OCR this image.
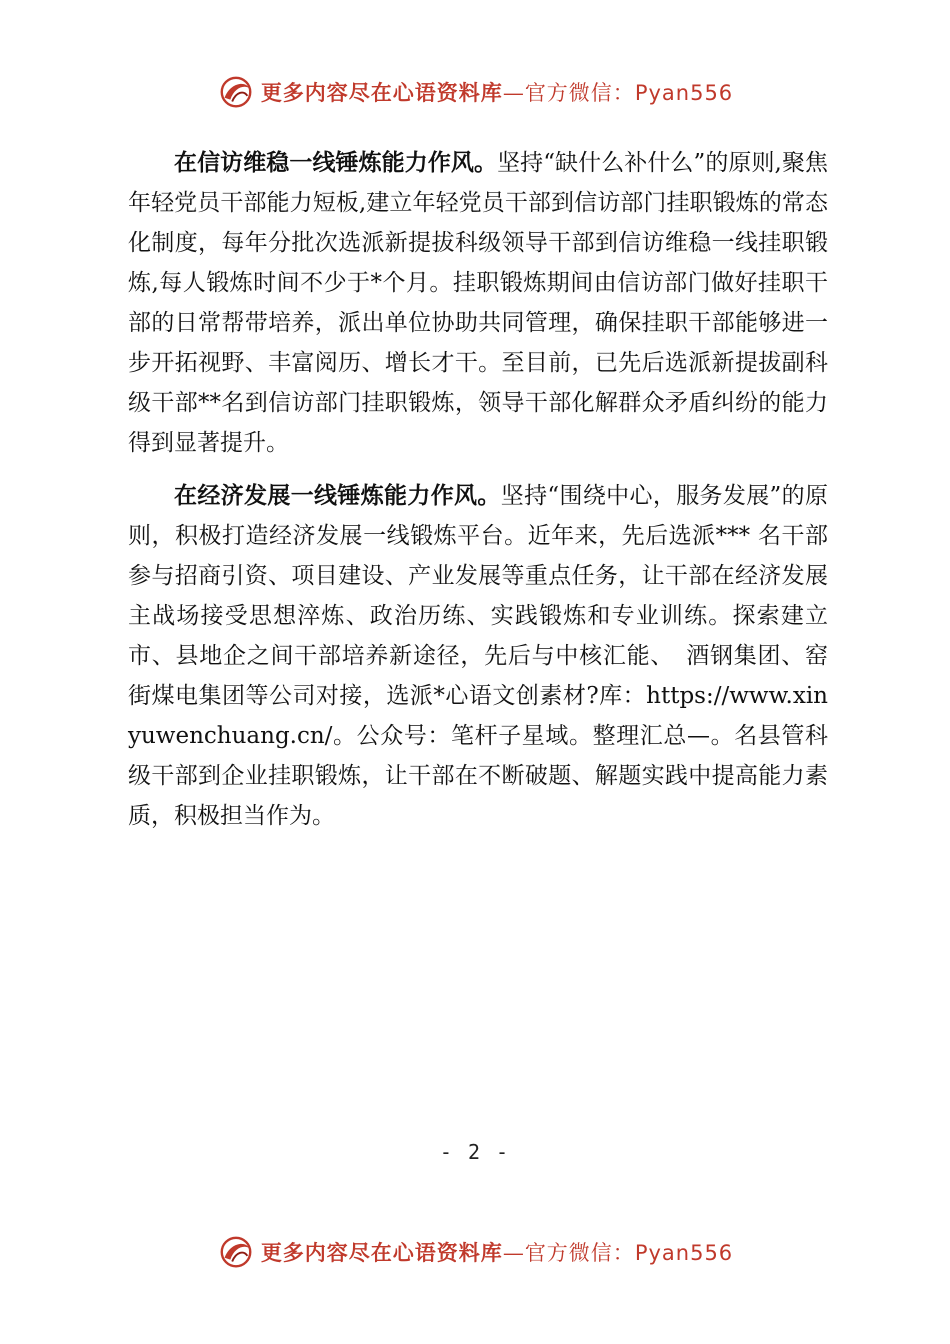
更多内容尽在心语资料库—官方微信：Pyan556

在信访维稳一线锤炼能力作风。坚持“缺什么补什么”的原则,聚焦年轻党员干部能力短板,建立年轻党员干部到信访部门挂职锻炼的常态化制度，每年分批次选派新提拔科级领导干部到信访维稳一线挂职锻炼,每人锻炼时间不少于*个月。挂职锻炼期间由信访部门做好挂职干部的日常帮带培养，派出单位协助共同管理，确保挂职干部能够进一步开拓视野、丰富阅历、增长才干。至目前，已先后选派新提拔副科级干部**名到信访部门挂职锻炼，领导干部化解群众矛盾纠纷的能力得到显著提升。

在经济发展一线锤炼能力作风。坚持“围绕中心，服务发展”的原则，积极打造经济发展一线锻炼平台。近年来，先后选派*** 名干部参与招商引资、项目建设、产业发展等重点任务，让干部在经济发展主战场接受思想淬炼、政治历练、实践锻炼和专业训练。探索建立市、县地企之间干部培养新途径，先后与中核汇能、　酒钢集团、窑街煤电集团等公司对接，选派*心语文创素材?库：https://www.xinyuwenchuang.cn/。公众号：笔杆子星域。整理汇总—。名县管科级干部到企业挂职锻炼，让干部在不断破题、解题实践中提高能力素质，积极担当作为。

- 2 -
更多内容尽在心语资料库—官方微信：Pyan556
